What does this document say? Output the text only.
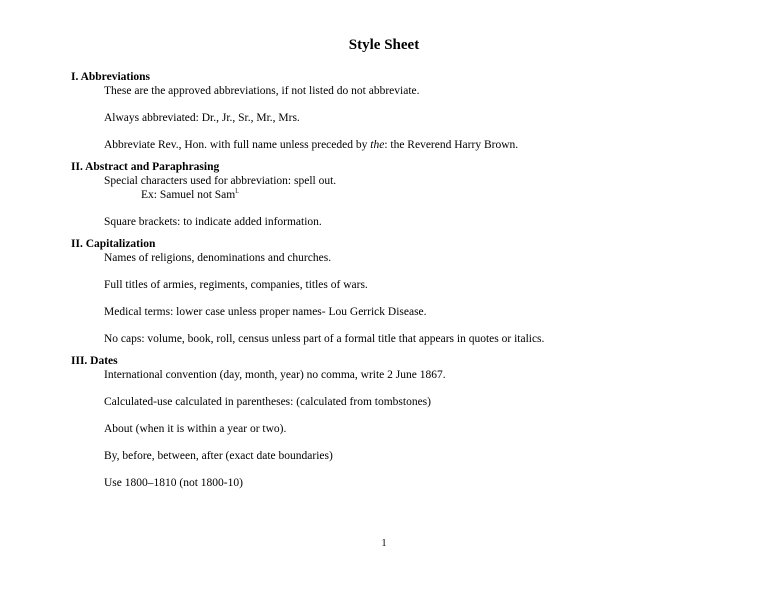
Style Sheet
I. Abbreviations
These are the approved abbreviations, if not listed do not abbreviate.
Always abbreviated: Dr., Jr., Sr., Mr., Mrs.
Abbreviate Rev., Hon. with full name unless preceded by the: the Reverend Harry Brown.
II. Abstract and Paraphrasing
Special characters used for abbreviation: spell out.
Ex: Samuel not Sam$^{l.}$
Square brackets: to indicate added information.
II. Capitalization
Names of religions, denominations and churches.
Full titles of armies, regiments, companies, titles of wars.
Medical terms: lower case unless proper names- Lou Gerrick Disease.
No caps: volume, book, roll, census unless part of a formal title that appears in quotes or italics.
III. Dates
International convention (day, month, year) no comma, write 2 June 1867.
Calculated-use calculated in parentheses: (calculated from tombstones)
About (when it is within a year or two).
By, before, between, after (exact date boundaries)
Use 1800–1810 (not 1800-10)
1
